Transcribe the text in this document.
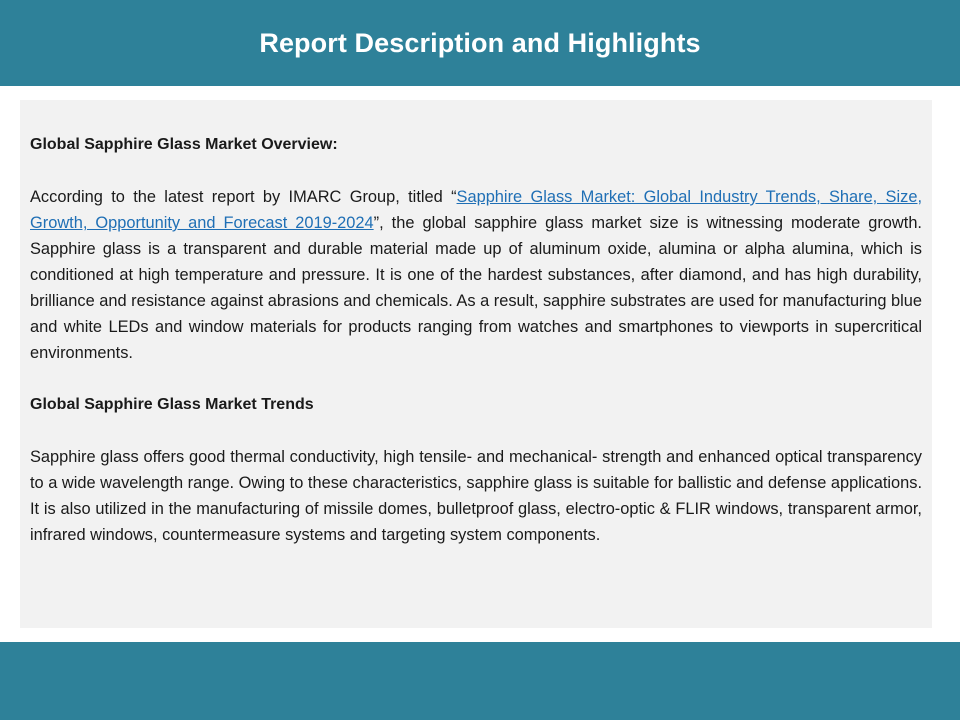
Report Description and Highlights

Global Sapphire Glass Market Overview:

According to the latest report by IMARC Group, titled “Sapphire Glass Market: Global Industry Trends, Share, Size, Growth, Opportunity and Forecast 2019-2024”, the global sapphire glass market size is witnessing moderate growth. Sapphire glass is a transparent and durable material made up of aluminum oxide, alumina or alpha alumina, which is conditioned at high temperature and pressure. It is one of the hardest substances, after diamond, and has high durability, brilliance and resistance against abrasions and chemicals. As a result, sapphire substrates are used for manufacturing blue and white LEDs and window materials for products ranging from watches and smartphones to viewports in supercritical environments.

Global Sapphire Glass Market Trends

Sapphire glass offers good thermal conductivity, high tensile- and mechanical- strength and enhanced optical transparency to a wide wavelength range. Owing to these characteristics, sapphire glass is suitable for ballistic and defense applications. It is also utilized in the manufacturing of missile domes, bulletproof glass, electro-optic & FLIR windows, transparent armor, infrared windows, countermeasure systems and targeting system components.
